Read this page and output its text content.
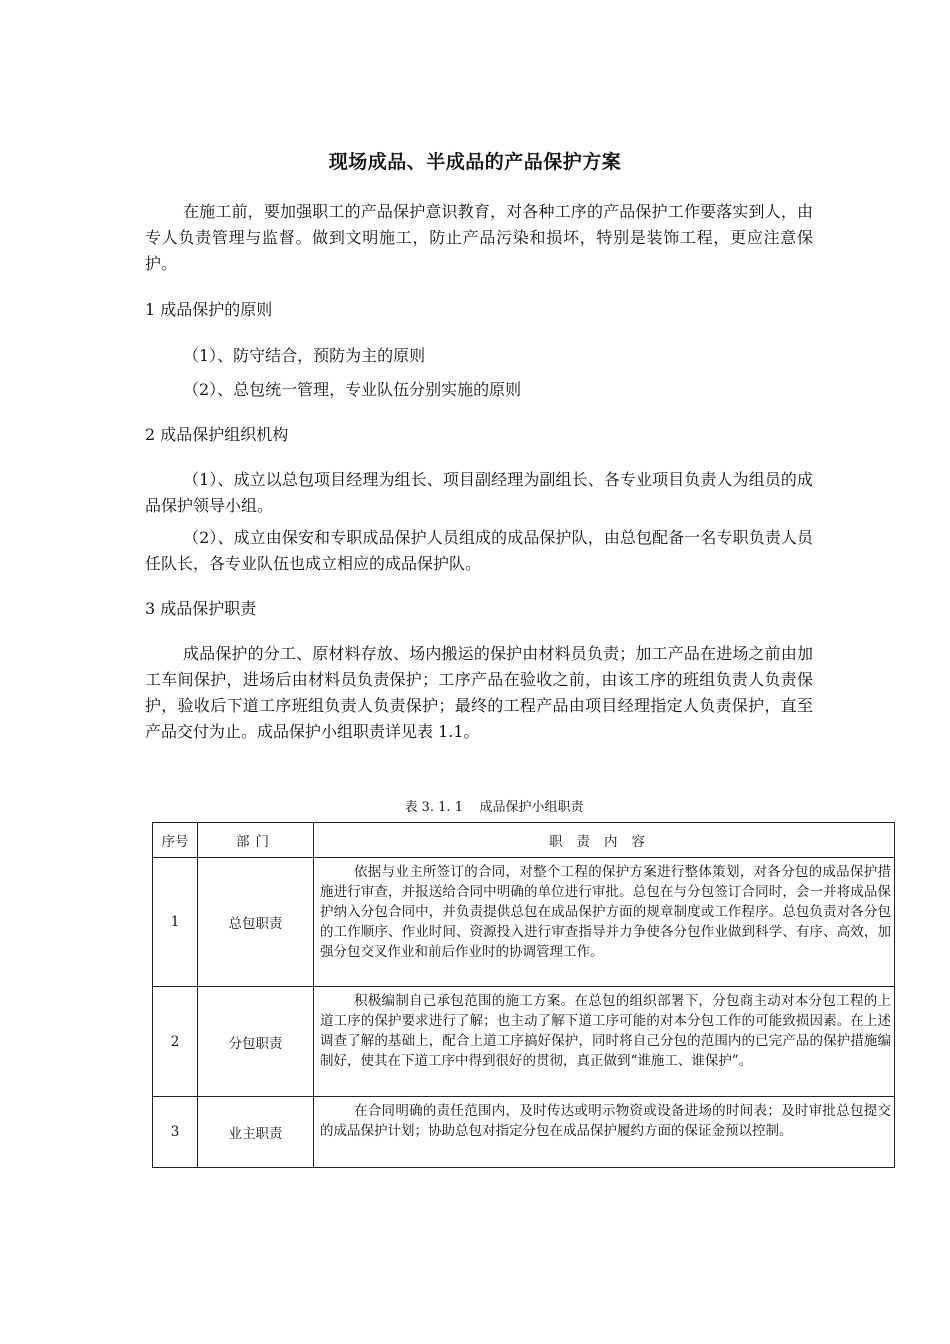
现场成品、半成品的产品保护方案

在施工前，要加强职工的产品保护意识教育，对各种工序的产品保护工作要落实到人，由专人负责管理与监督。做到文明施工，防止产品污染和损坏，特别是装饰工程，更应注意保护。

1 成品保护的原则
（1）、防守结合，预防为主的原则
（2）、总包统一管理，专业队伍分别实施的原则
2 成品保护组织机构

（1）、成立以总包项目经理为组长、项目副经理为副组长、各专业项目负责人为组员的成品保护领导小组。

（2）、成立由保安和专职成品保护人员组成的成品保护队，由总包配备一名专职负责人员任队长，各专业队伍也成立相应的成品保护队。

3 成品保护职责

成品保护的分工、原材料存放、场内搬运的保护由材料员负责；加工产品在进场之前由加工车间保护，进场后由材料员负责保护；工序产品在验收之前，由该工序的班组负责人负责保护，验收后下道工序班组负责人负责保护；最终的工程产品由项目经理指定人负责保护，直至产品交付为止。成品保护小组职责详见表 1.1。

表 3. 1. 1    成品保护小组职责
序号	部门	职责内容
1	总包职责	依据与业主所签订的合同，对整个工程的保护方案进行整体策划，对各分包的成品保护措施进行审查，并报送给合同中明确的单位进行审批。总包在与分包签订合同时，会一并将成品保护纳入分包合同中，并负责提供总包在成品保护方面的规章制度或工作程序。总包负责对各分包的工作顺序、作业时间、资源投入进行审查指导并力争使各分包作业做到科学、有序、高效，加强分包交叉作业和前后作业时的协调管理工作。
2	分包职责	积极编制自己承包范围的施工方案。在总包的组织部署下，分包商主动对本分包工程的上道工序的保护要求进行了解；也主动了解下道工序可能的对本分包工作的可能致损因素。在上述调查了解的基础上，配合上道工序搞好保护，同时将自己分包的范围内的已完产品的保护措施编制好，使其在下道工序中得到很好的贯彻，真正做到“谁施工、谁保护”。
3	业主职责	在合同明确的责任范围内，及时传达或明示物资或设备进场的时间表；及时审批总包提交的成品保护计划；协助总包对指定分包在成品保护履约方面的保证金预以控制。
